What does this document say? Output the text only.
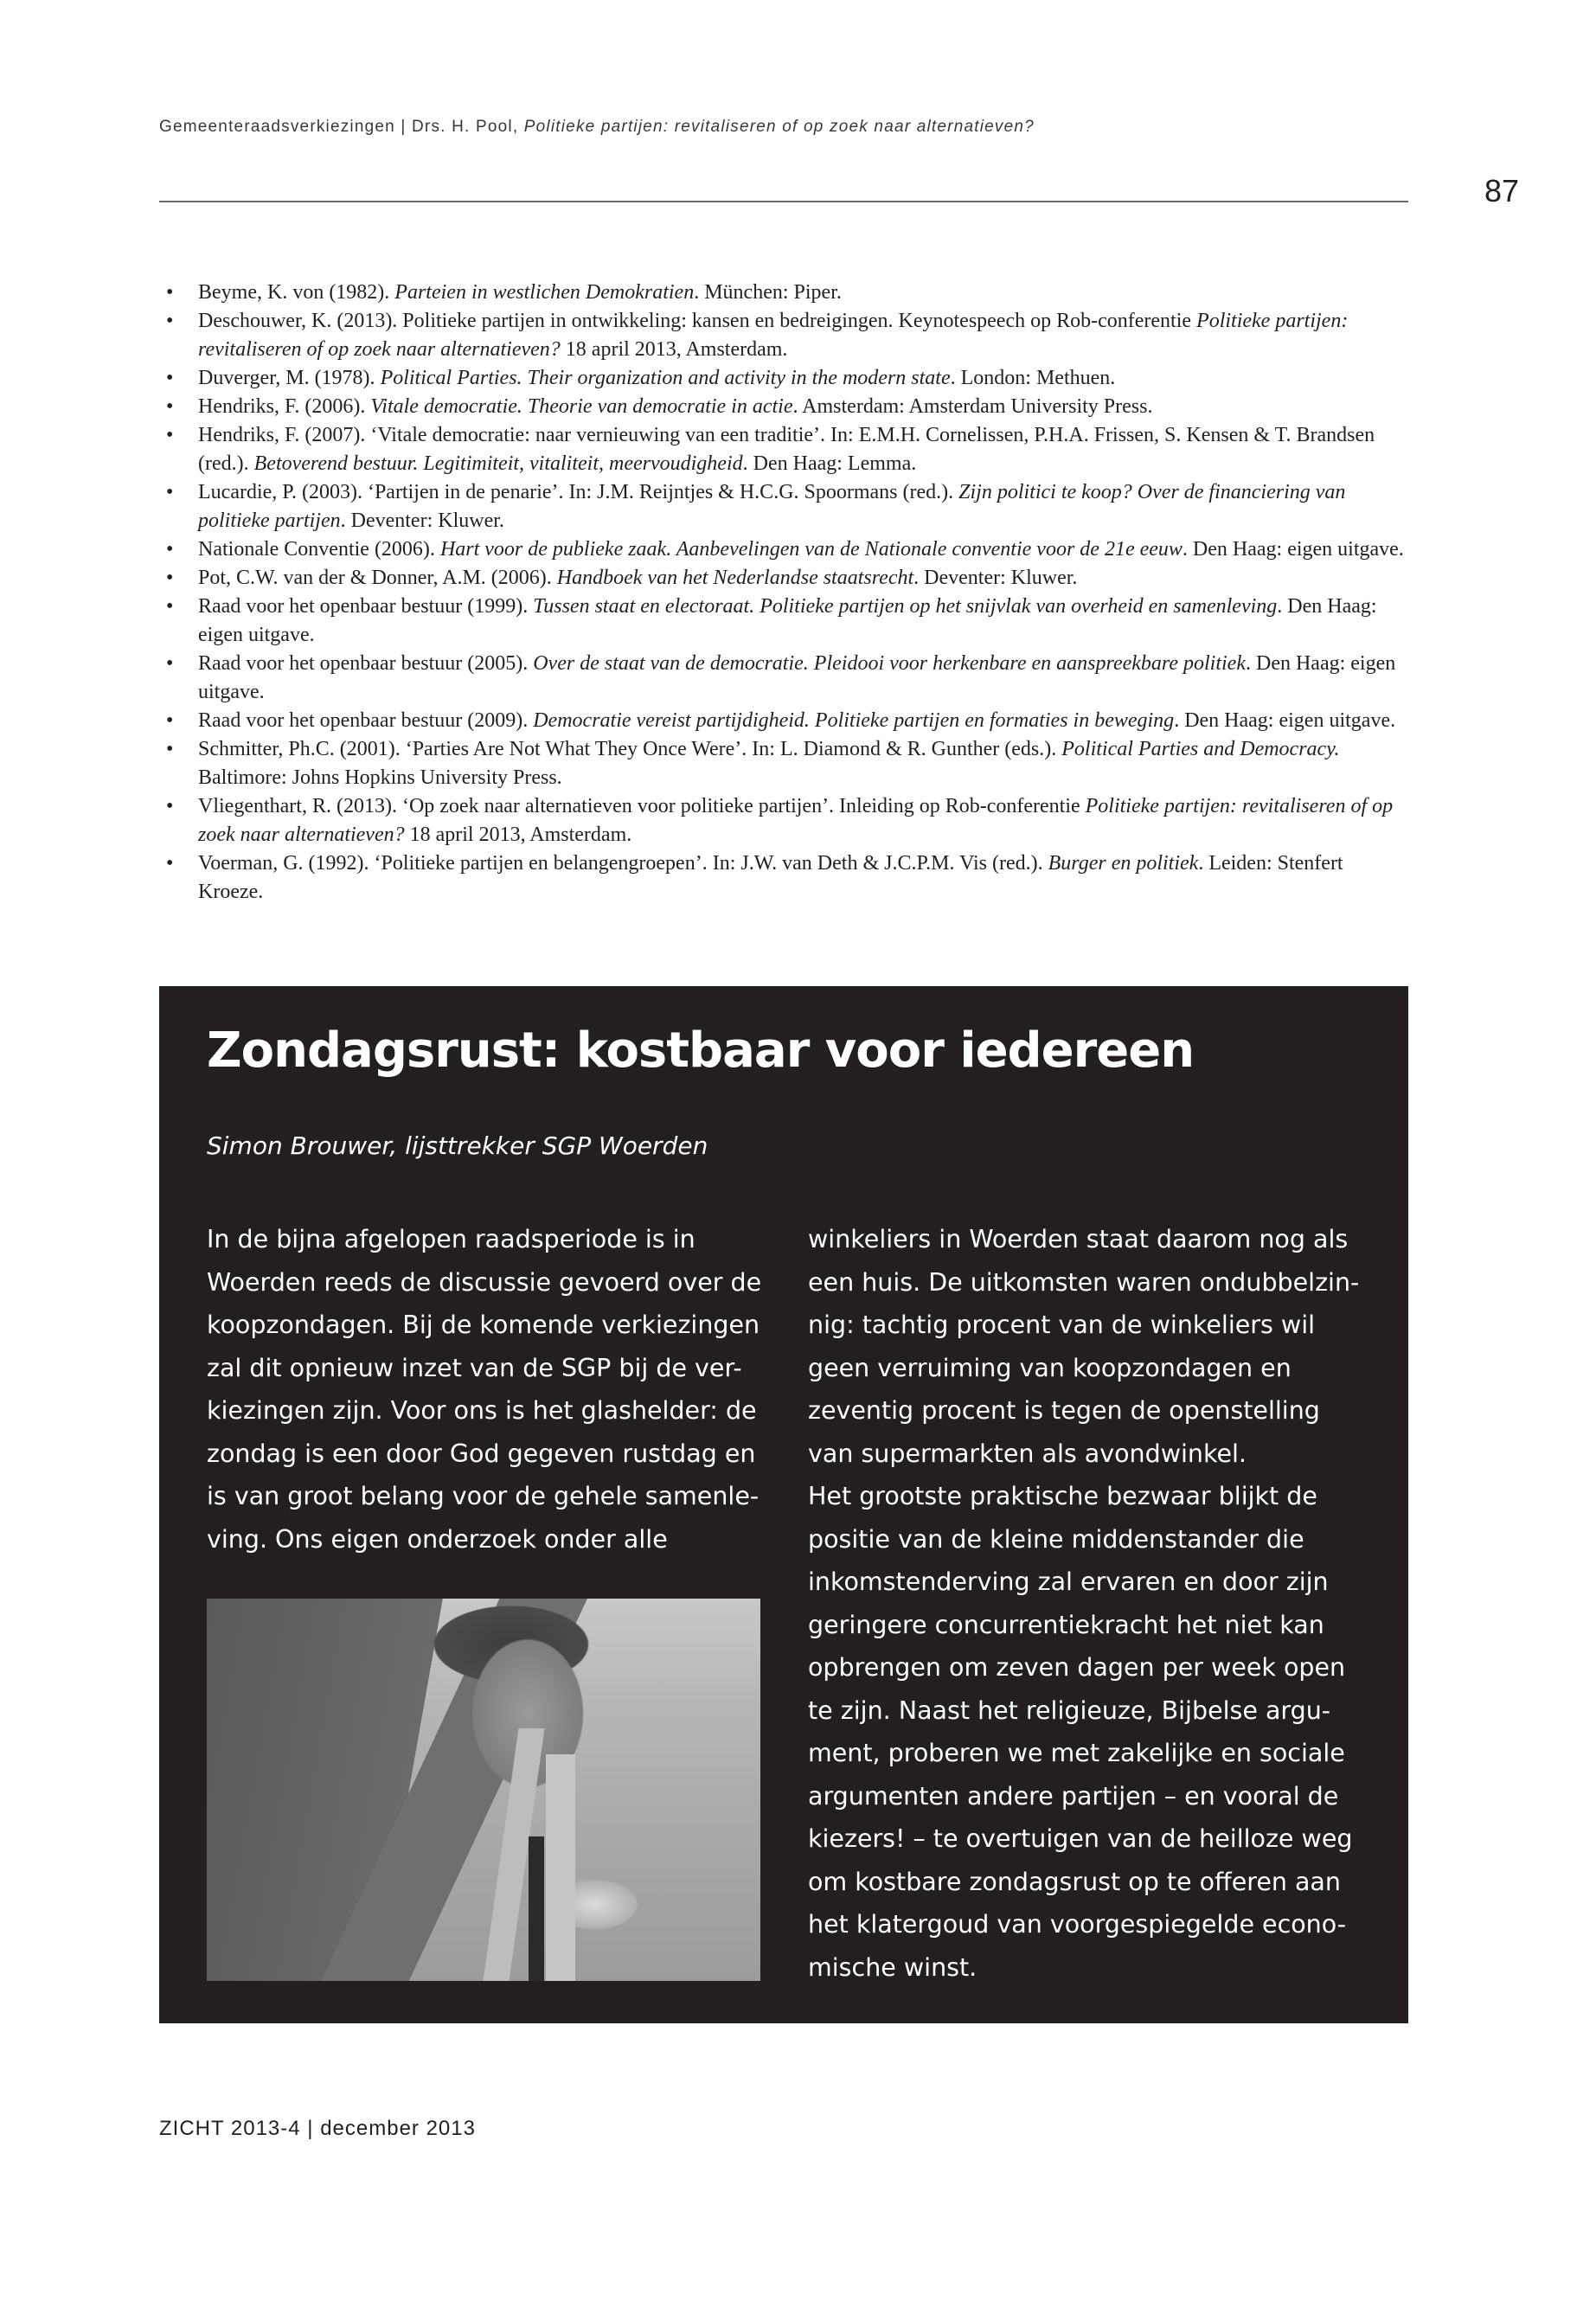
Gemeenteraadsverkiezingen | Drs. H. Pool, Politieke partijen: revitaliseren of op zoek naar alternatieven?
87
• Beyme, K. von (1982). Parteien in westlichen Demokratien. München: Piper.
• Deschouwer, K. (2013). Politieke partijen in ontwikkeling: kansen en bedreigingen. Keynotespeech op Rob-conferentie Politieke partijen: revitaliseren of op zoek naar alternatieven? 18 april 2013, Amsterdam.
• Duverger, M. (1978). Political Parties. Their organization and activity in the modern state. London: Methuen.
• Hendriks, F. (2006). Vitale democratie. Theorie van democratie in actie. Amsterdam: Amsterdam University Press.
• Hendriks, F. (2007). ‘Vitale democratie: naar vernieuwing van een traditie’. In: E.M.H. Cornelissen, P.H.A. Frissen, S. Kensen & T. Brandsen (red.). Betoverend bestuur. Legitimiteit, vitaliteit, meervoudigheid. Den Haag: Lemma.
• Lucardie, P. (2003). ‘Partijen in de penarie’. In: J.M. Reijntjes & H.C.G. Spoormans (red.). Zijn politici te koop? Over de financiering van politieke partijen. Deventer: Kluwer.
• Nationale Conventie (2006). Hart voor de publieke zaak. Aanbevelingen van de Nationale conventie voor de 21e eeuw. Den Haag: eigen uitgave.
• Pot, C.W. van der & Donner, A.M. (2006). Handboek van het Nederlandse staatsrecht. Deventer: Kluwer.
• Raad voor het openbaar bestuur (1999). Tussen staat en electoraat. Politieke partijen op het snijvlak van overheid en samenleving. Den Haag: eigen uitgave.
• Raad voor het openbaar bestuur (2005). Over de staat van de democratie. Pleidooi voor herkenbare en aanspreekbare politiek. Den Haag: eigen uitgave.
• Raad voor het openbaar bestuur (2009). Democratie vereist partijdigheid. Politieke partijen en formaties in beweging. Den Haag: eigen uitgave.
• Schmitter, Ph.C. (2001). ‘Parties Are Not What They Once Were’. In: L. Diamond & R. Gunther (eds.). Political Parties and Democracy. Baltimore: Johns Hopkins University Press.
• Vliegenthart, R. (2013). ‘Op zoek naar alternatieven voor politieke partijen’. Inleiding op Rob-conferentie Politieke partijen: revitaliseren of op zoek naar alternatieven? 18 april 2013, Amsterdam.
• Voerman, G. (1992). ‘Politieke partijen en belangengroepen’. In: J.W. van Deth & J.C.P.M. Vis (red.). Burger en politiek. Leiden: Stenfert Kroeze.
Zondagsrust: kostbaar voor iedereen
Simon Brouwer, lijsttrekker SGP Woerden
In de bijna afgelopen raadsperiode is in
Woerden reeds de discussie gevoerd over de
koopzondagen. Bij de komende verkiezingen
zal dit opnieuw inzet van de SGP bij de ver-
kiezingen zijn. Voor ons is het glashelder: de
zondag is een door God gegeven rustdag en
is van groot belang voor de gehele samenle-
ving. Ons eigen onderzoek onder alle
winkeliers in Woerden staat daarom nog als
een huis. De uitkomsten waren ondubbelzin-
nig: tachtig procent van de winkeliers wil
geen verruiming van koopzondagen en
zeventig procent is tegen de openstelling
van supermarkten als avondwinkel.
Het grootste praktische bezwaar blijkt de
positie van de kleine middenstander die
inkomstenderving zal ervaren en door zijn
geringere concurrentiekracht het niet kan
opbrengen om zeven dagen per week open
te zijn. Naast het religieuze, Bijbelse argu-
ment, proberen we met zakelijke en sociale
argumenten andere partijen – en vooral de
kiezers! – te overtuigen van de heilloze weg
om kostbare zondagsrust op te offeren aan
het klatergoud van voorgespiegelde econo-
mische winst.
ZICHT 2013-4 | december 2013
